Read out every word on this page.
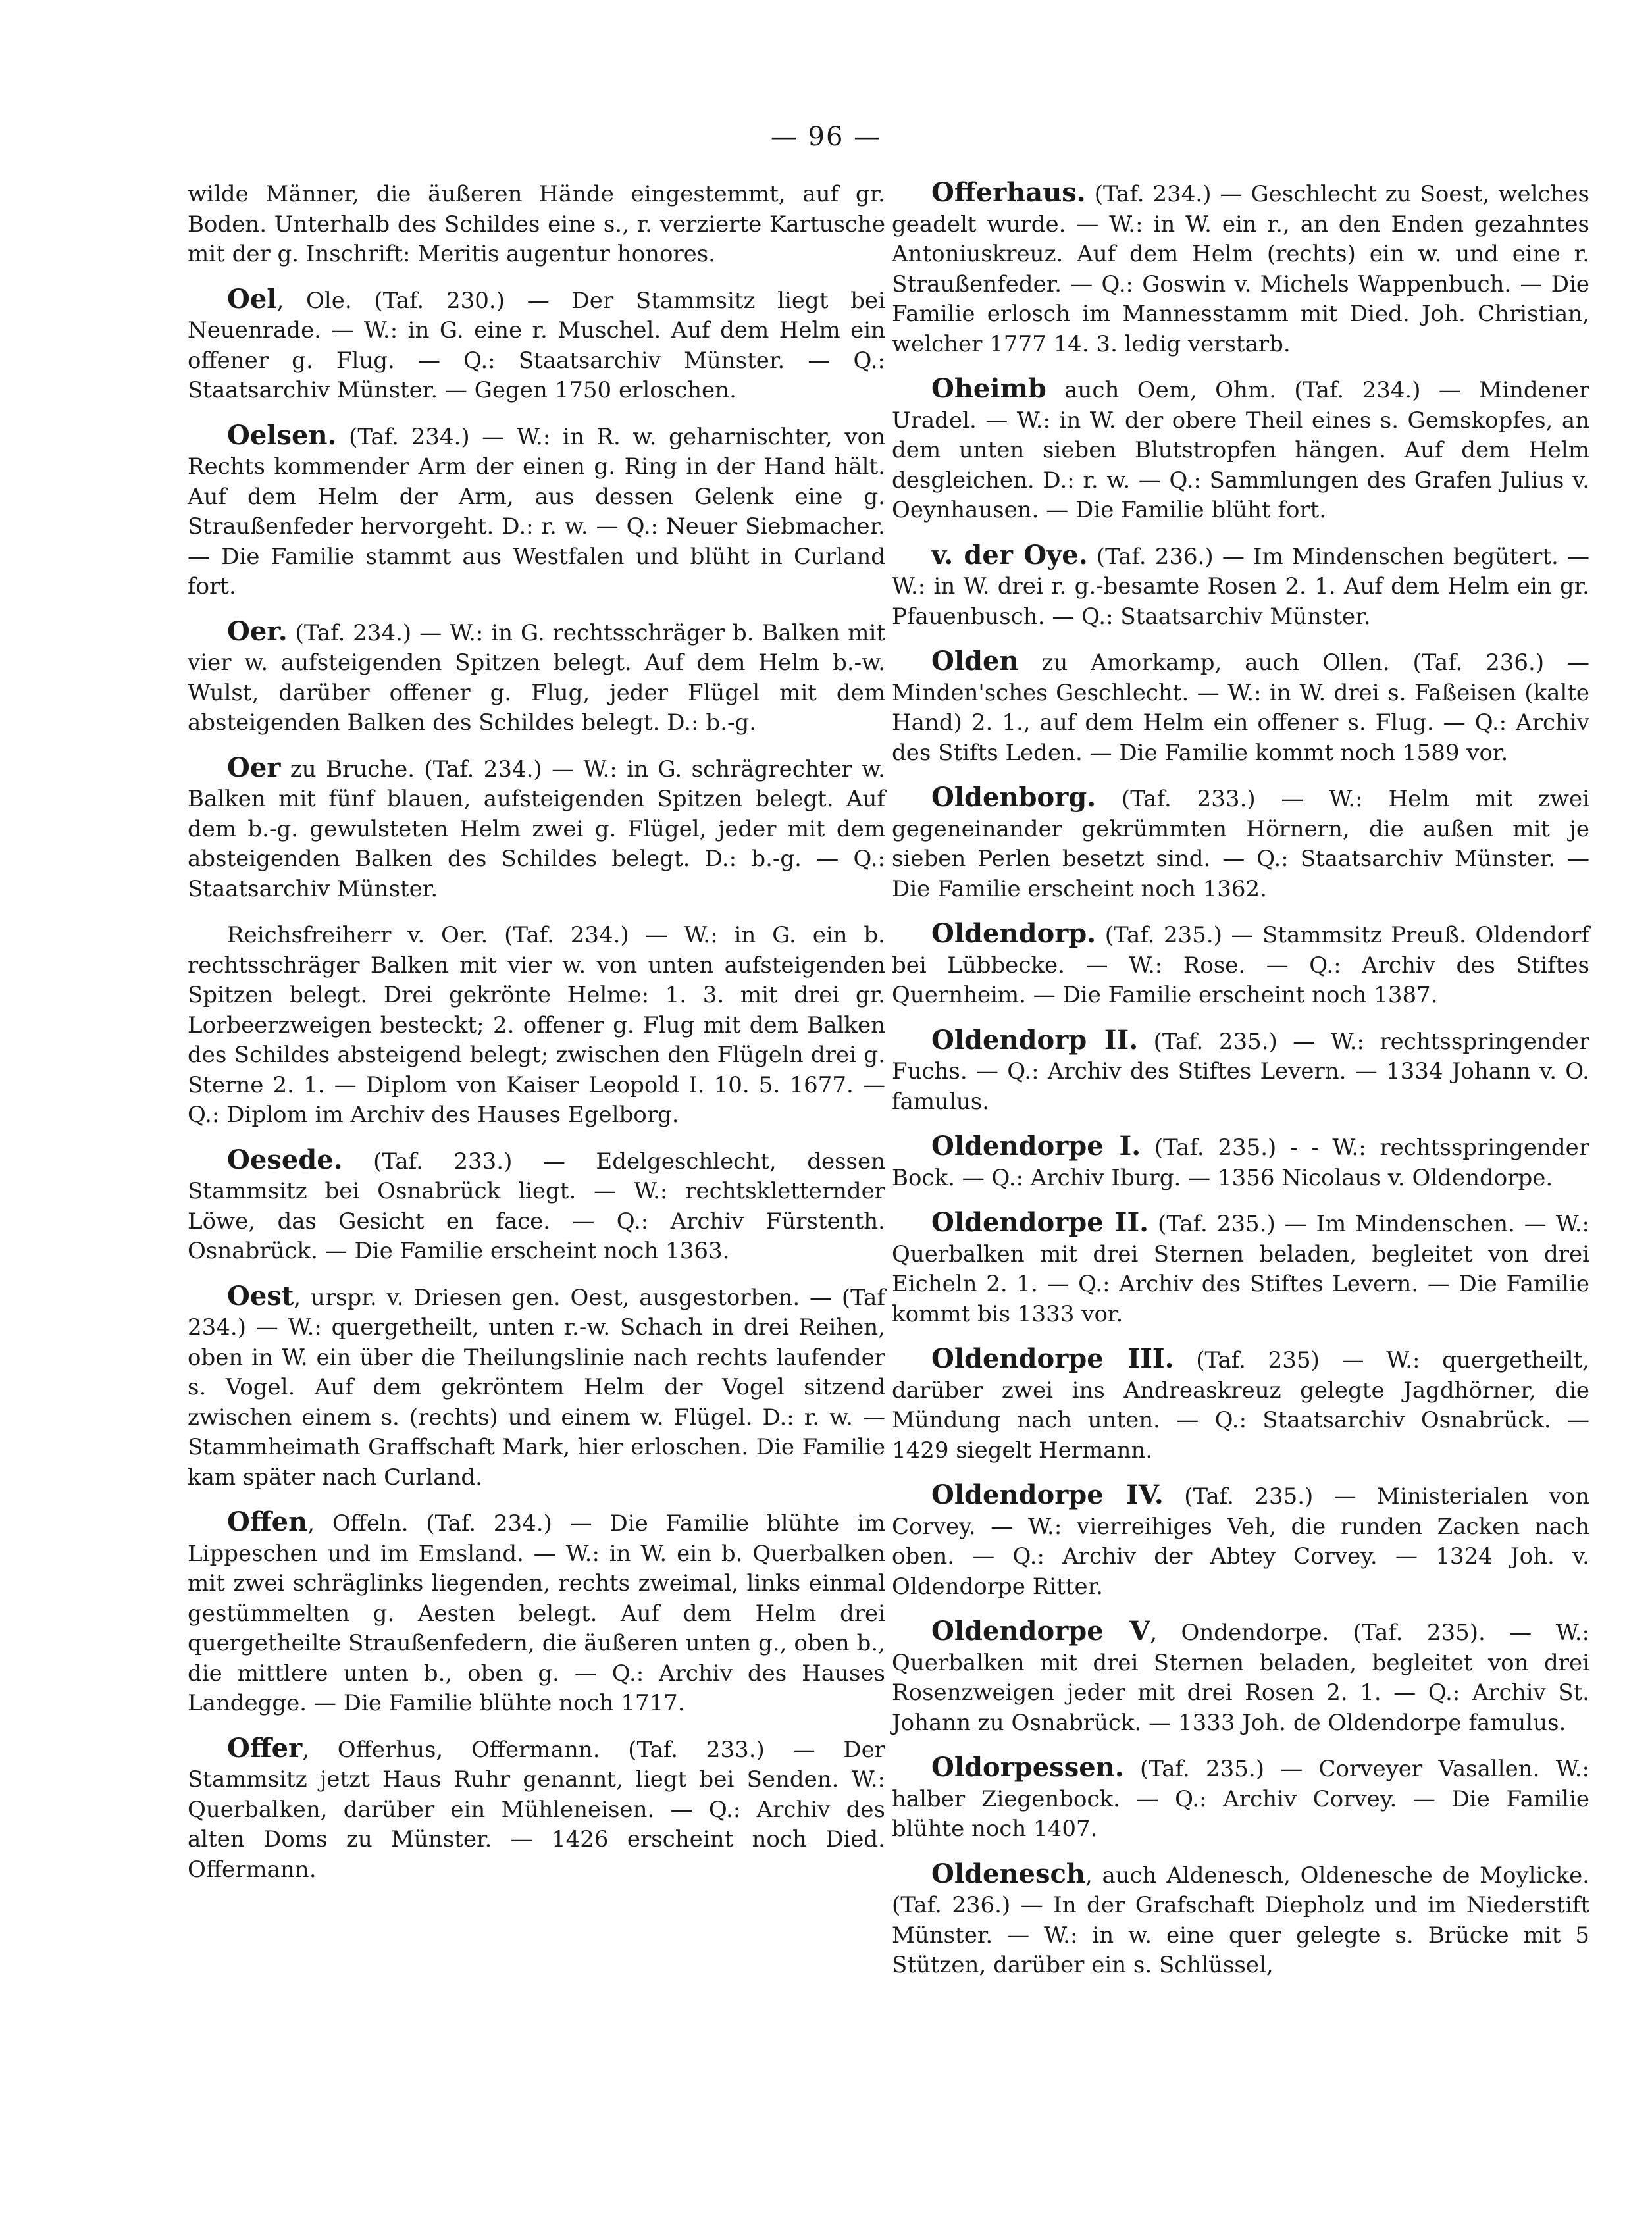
— 96 —

wilde Männer, die äußeren Hände eingestemmt, auf gr. Boden. Unterhalb des Schildes eine s., r. verzierte Kartusche mit der g. Inschrift: Meritis augentur honores.

Oel, Ole. (Taf. 230.) — Der Stammsitz liegt bei Neuenrade. — W.: in G. eine r. Muschel. Auf dem Helm ein offener g. Flug. — Q.: Staatsarchiv Münster. — Q.: Staatsarchiv Münster. — Gegen 1750 erloschen.

Oelsen. (Taf. 234.) — W.: in R. w. geharnischter, von Rechts kommender Arm der einen g. Ring in der Hand hält. Auf dem Helm der Arm, aus dessen Gelenk eine g. Straußenfeder hervorgeht. D.: r. w. — Q.: Neuer Siebmacher. — Die Familie stammt aus Westfalen und blüht in Curland fort.

Oer. (Taf. 234.) — W.: in G. rechtsschräger b. Balken mit vier w. aufsteigenden Spitzen belegt. Auf dem Helm b.-w. Wulst, darüber offener g. Flug, jeder Flügel mit dem absteigenden Balken des Schildes belegt. D.: b.-g.

Oer zu Bruche. (Taf. 234.) — W.: in G. schrägrechter w. Balken mit fünf blauen, aufsteigenden Spitzen belegt. Auf dem b.-g. gewulsteten Helm zwei g. Flügel, jeder mit dem absteigenden Balken des Schildes belegt. D.: b.-g. — Q.: Staatsarchiv Münster.

Reichsfreiherr v. Oer. (Taf. 234.) — W.: in G. ein b. rechtsschräger Balken mit vier w. von unten aufsteigenden Spitzen belegt. Drei gekrönte Helme: 1. 3. mit drei gr. Lorbeerzweigen besteckt; 2. offener g. Flug mit dem Balken des Schildes absteigend belegt; zwischen den Flügeln drei g. Sterne 2. 1. — Diplom von Kaiser Leopold I. 10. 5. 1677. — Q.: Diplom im Archiv des Hauses Egelborg.

Oesede. (Taf. 233.) — Edelgeschlecht, dessen Stammsitz bei Osnabrück liegt. — W.: rechtskletternder Löwe, das Gesicht en face. — Q.: Archiv Fürstenth. Osnabrück. — Die Familie erscheint noch 1363.

Oest, urspr. v. Driesen gen. Oest, ausgestorben. — (Taf 234.) — W.: quergetheilt, unten r.-w. Schach in drei Reihen, oben in W. ein über die Theilungslinie nach rechts laufender s. Vogel. Auf dem gekröntem Helm der Vogel sitzend zwischen einem s. (rechts) und einem w. Flügel. D.: r. w. — Stammheimath Graffschaft Mark, hier erloschen. Die Familie kam später nach Curland.

Offen, Offeln. (Taf. 234.) — Die Familie blühte im Lippeschen und im Emsland. — W.: in W. ein b. Querbalken mit zwei schräglinks liegenden, rechts zweimal, links einmal gestümmelten g. Aesten belegt. Auf dem Helm drei quergetheilte Straußenfedern, die äußeren unten g., oben b., die mittlere unten b., oben g. — Q.: Archiv des Hauses Landegge. — Die Familie blühte noch 1717.

Offer, Offerhus, Offermann. (Taf. 233.) — Der Stammsitz jetzt Haus Ruhr genannt, liegt bei Senden. W.: Querbalken, darüber ein Mühleneisen. — Q.: Archiv des alten Doms zu Münster. — 1426 erscheint noch Died. Offermann.

Offerhaus. (Taf. 234.) — Geschlecht zu Soest, welches geadelt wurde. — W.: in W. ein r., an den Enden gezahntes Antoniuskreuz. Auf dem Helm (rechts) ein w. und eine r. Straußenfeder. — Q.: Goswin v. Michels Wappenbuch. — Die Familie erlosch im Mannesstamm mit Died. Joh. Christian, welcher 1777 14. 3. ledig verstarb.

Oheimb auch Oem, Ohm. (Taf. 234.) — Mindener Uradel. — W.: in W. der obere Theil eines s. Gemskopfes, an dem unten sieben Blutstropfen hängen. Auf dem Helm desgleichen. D.: r. w. — Q.: Sammlungen des Grafen Julius v. Oeynhausen. — Die Familie blüht fort.

v. der Oye. (Taf. 236.) — Im Mindenschen begütert. — W.: in W. drei r. g.-besamte Rosen 2. 1. Auf dem Helm ein gr. Pfauenbusch. — Q.: Staatsarchiv Münster.

Olden zu Amorkamp, auch Ollen. (Taf. 236.) — Minden'sches Geschlecht. — W.: in W. drei s. Faßeisen (kalte Hand) 2. 1., auf dem Helm ein offener s. Flug. — Q.: Archiv des Stifts Leden. — Die Familie kommt noch 1589 vor.

Oldenborg. (Taf. 233.) — W.: Helm mit zwei gegeneinander gekrümmten Hörnern, die außen mit je sieben Perlen besetzt sind. — Q.: Staatsarchiv Münster. — Die Familie erscheint noch 1362.

Oldendorp. (Taf. 235.) — Stammsitz Preuß. Oldendorf bei Lübbecke. — W.: Rose. — Q.: Archiv des Stiftes Quernheim. — Die Familie erscheint noch 1387.

Oldendorp II. (Taf. 235.) — W.: rechtsspringender Fuchs. — Q.: Archiv des Stiftes Levern. — 1334 Johann v. O. famulus.

Oldendorpe I. (Taf. 235.) - - W.: rechtsspringender Bock. — Q.: Archiv Iburg. — 1356 Nicolaus v. Oldendorpe.

Oldendorpe II. (Taf. 235.) — Im Mindenschen. — W.: Querbalken mit drei Sternen beladen, begleitet von drei Eicheln 2. 1. — Q.: Archiv des Stiftes Levern. — Die Familie kommt bis 1333 vor.

Oldendorpe III. (Taf. 235) — W.: quergetheilt, darüber zwei ins Andreaskreuz gelegte Jagdhörner, die Mündung nach unten. — Q.: Staatsarchiv Osnabrück. — 1429 siegelt Hermann.

Oldendorpe IV. (Taf. 235.) — Ministerialen von Corvey. — W.: vierreihiges Veh, die runden Zacken nach oben. — Q.: Archiv der Abtey Corvey. — 1324 Joh. v. Oldendorpe Ritter.

Oldendorpe V, Ondendorpe. (Taf. 235). — W.: Querbalken mit drei Sternen beladen, begleitet von drei Rosenzweigen jeder mit drei Rosen 2. 1. — Q.: Archiv St. Johann zu Osnabrück. — 1333 Joh. de Oldendorpe famulus.

Oldorpessen. (Taf. 235.) — Corveyer Vasallen. W.: halber Ziegenbock. — Q.: Archiv Corvey. — Die Familie blühte noch 1407.

Oldenesch, auch Aldenesch, Oldenesche de Moylicke. (Taf. 236.) — In der Grafschaft Diepholz und im Niederstift Münster. — W.: in w. eine quer gelegte s. Brücke mit 5 Stützen, darüber ein s. Schlüssel,
